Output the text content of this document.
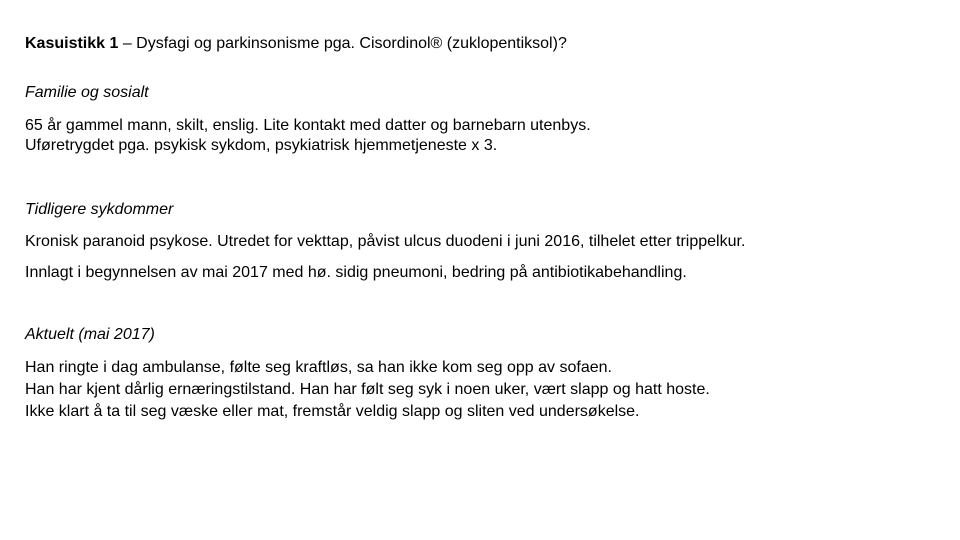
Kasuistikk 1 – Dysfagi og parkinsonisme pga. Cisordinol® (zuklopentiksol)?
Familie og sosialt
65 år gammel mann, skilt, enslig. Lite kontakt med datter og barnebarn utenbys.
Uføretrygdet pga. psykisk sykdom, psykiatrisk hjemmetjeneste x 3.
Tidligere sykdommer
Kronisk paranoid psykose. Utredet for vekttap, påvist ulcus duodeni i juni 2016, tilhelet etter trippelkur.
Innlagt i begynnelsen av mai 2017 med hø. sidig pneumoni, bedring på antibiotikabehandling.
Aktuelt (mai 2017)
Han ringte i dag ambulanse, følte seg kraftløs, sa han ikke kom seg opp av sofaen.
Han har kjent dårlig ernæringstilstand. Han har følt seg syk i noen uker, vært slapp og hatt hoste.
Ikke klart å ta til seg væske eller mat, fremstår veldig slapp og sliten ved undersøkelse.
